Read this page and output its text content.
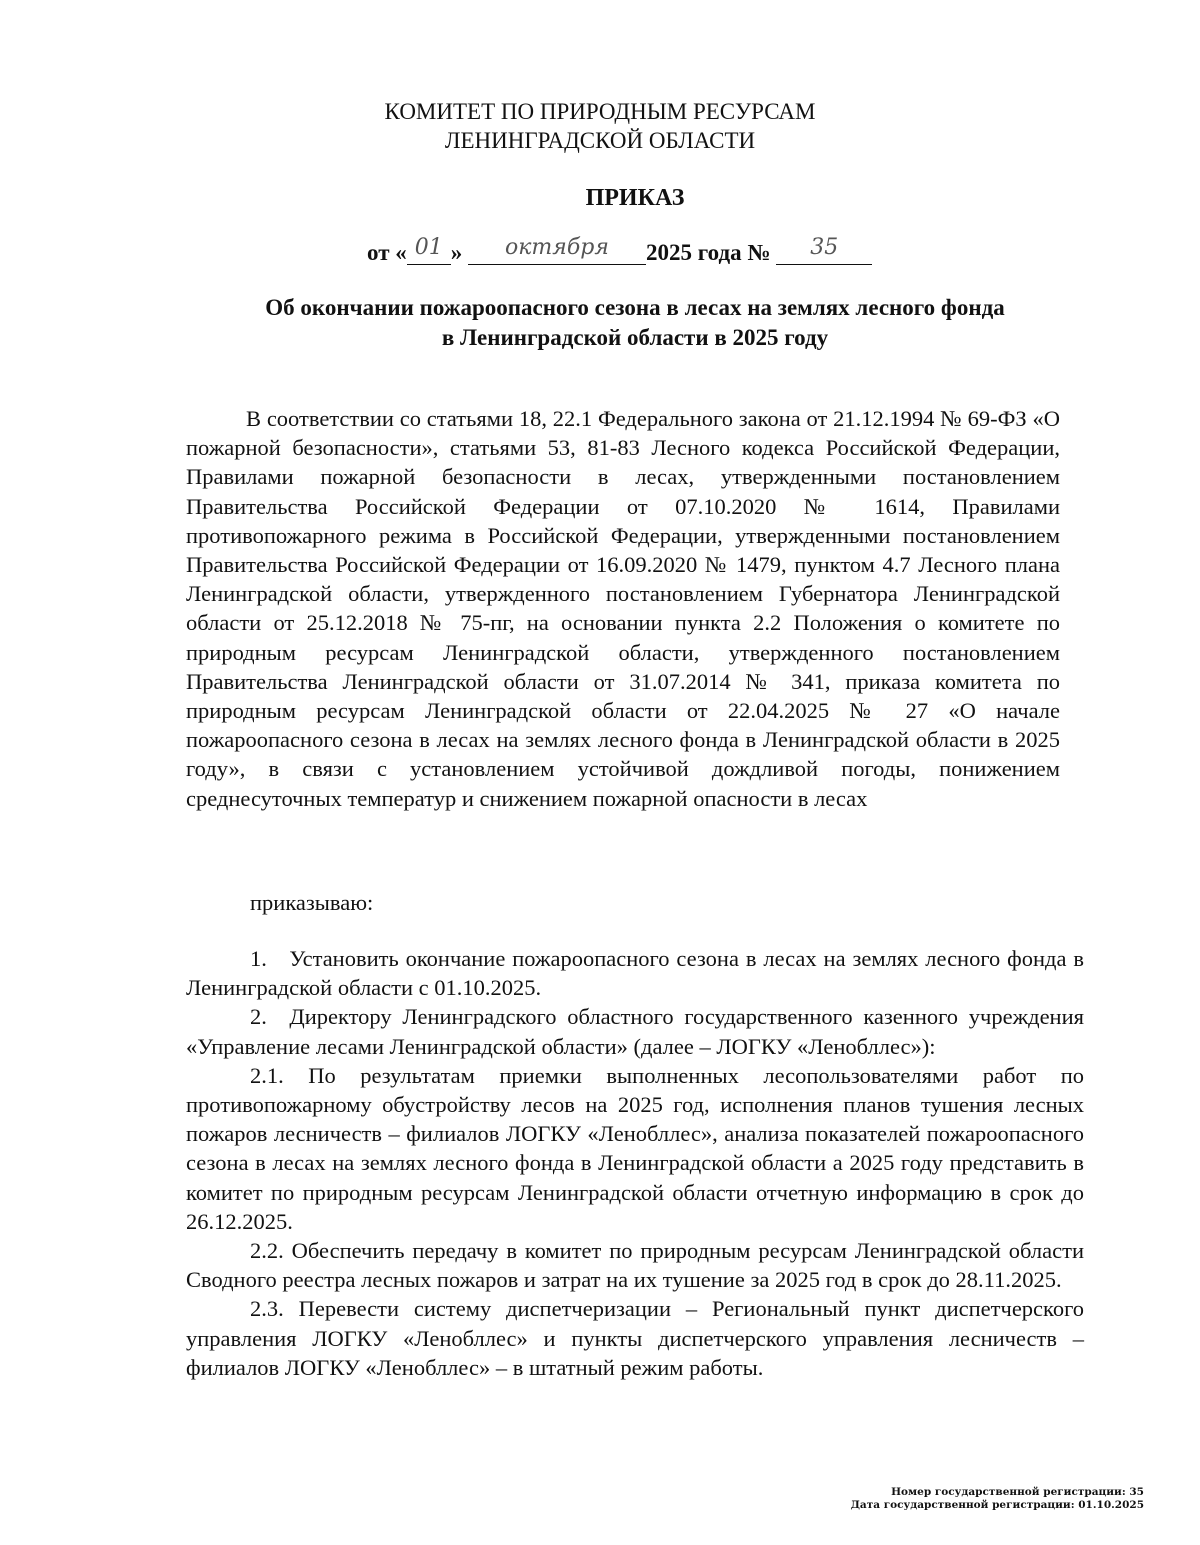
КОМИТЕТ ПО ПРИРОДНЫМ РЕСУРСАМ
ЛЕНИНГРАДСКОЙ ОБЛАСТИ
ПРИКАЗ
от « 01 » октября 2025 года № 35
Об окончании пожароопасного сезона в лесах на землях лесного фонда
в Ленинградской области в 2025 году
В соответствии со статьями 18, 22.1 Федерального закона от 21.12.1994 № 69-ФЗ «О пожарной безопасности», статьями 53, 81-83 Лесного кодекса Российской Федерации, Правилами пожарной безопасности в лесах, утвержденными постановлением Правительства Российской Федерации от 07.10.2020 № 1614, Правилами противопожарного режима в Российской Федерации, утвержденными постановлением Правительства Российской Федерации от 16.09.2020 № 1479, пунктом 4.7 Лесного плана Ленинградской области, утвержденного постановлением Губернатора Ленинградской области от 25.12.2018 № 75-пг, на основании пункта 2.2 Положения о комитете по природным ресурсам Ленинградской области, утвержденного постановлением Правительства Ленинградской области от 31.07.2014 № 341, приказа комитета по природным ресурсам Ленинградской области от 22.04.2025 № 27 «О начале пожароопасного сезона в лесах на землях лесного фонда в Ленинградской области в 2025 году», в связи с установлением устойчивой дождливой погоды, понижением среднесуточных температур и снижением пожарной опасности в лесах
приказываю:

1. Установить окончание пожароопасного сезона в лесах на землях лесного фонда в Ленинградской области с 01.10.2025.

2. Директору Ленинградского областного государственного казенного учреждения «Управление лесами Ленинградской области» (далее – ЛОГКУ «Ленобллес»):

2.1. По результатам приемки выполненных лесопользователями работ по противопожарному обустройству лесов на 2025 год, исполнения планов тушения лесных пожаров лесничеств – филиалов ЛОГКУ «Ленобллес», анализа показателей пожароопасного сезона в лесах на землях лесного фонда в Ленинградской области а 2025 году представить в комитет по природным ресурсам Ленинградской области отчетную информацию в срок до 26.12.2025.

2.2. Обеспечить передачу в комитет по природным ресурсам Ленинградской области Сводного реестра лесных пожаров и затрат на их тушение за 2025 год в срок до 28.11.2025.

2.3. Перевести систему диспетчеризации – Региональный пункт диспетчерского управления ЛОГКУ «Ленобллес» и пункты диспетчерского управления лесничеств – филиалов ЛОГКУ «Ленобллес» – в штатный режим работы.

Номер государственной регистрации: 35
Дата государственной регистрации: 01.10.2025
